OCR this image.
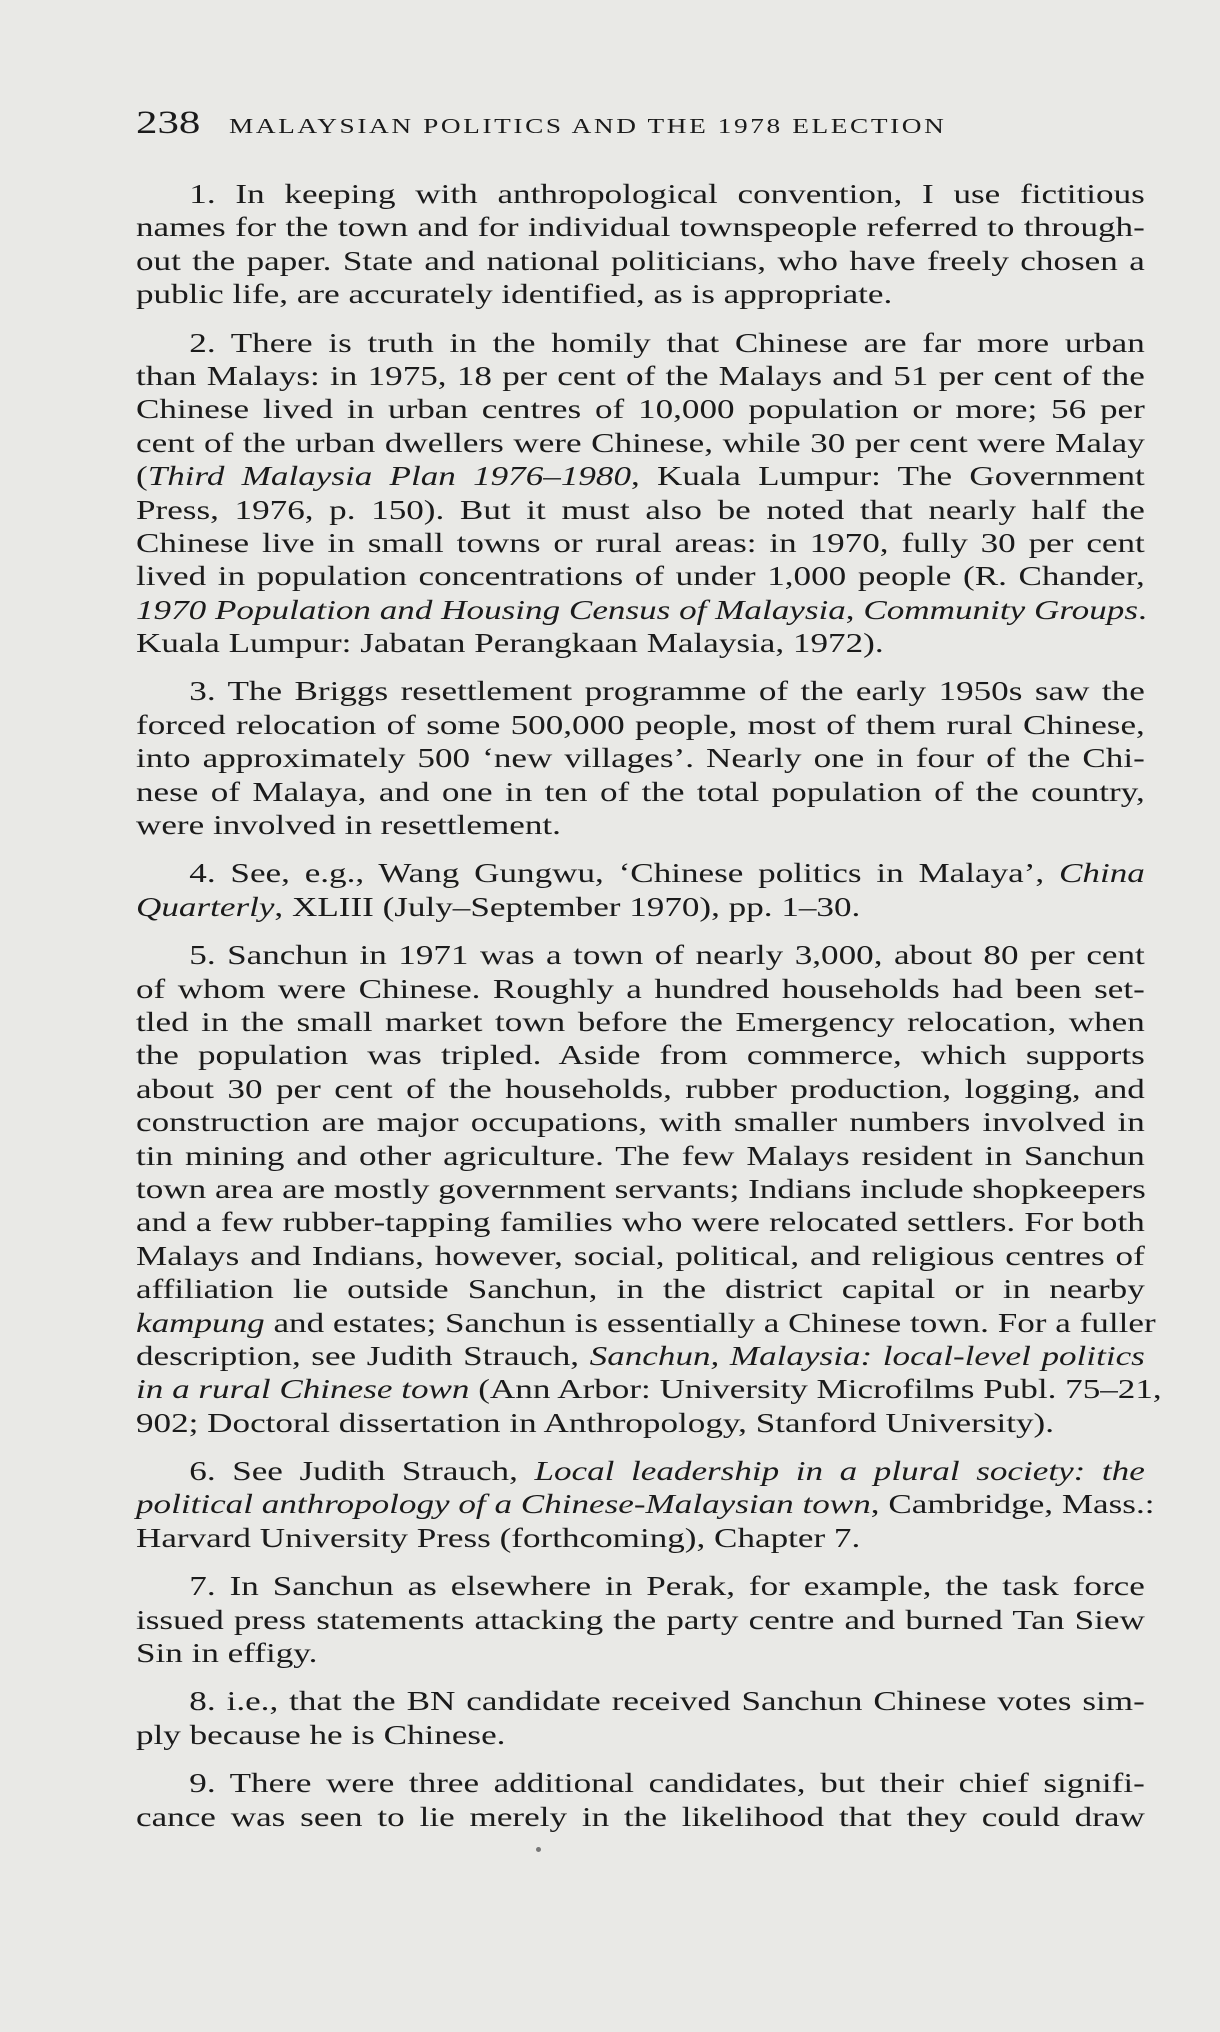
238 MALAYSIAN POLITICS AND THE 1978 ELECTION
1. In keeping with anthropological convention, I use fictitious
names for the town and for individual townspeople referred to through-
out the paper. State and national politicians, who have freely chosen a
public life, are accurately identified, as is appropriate.
2. There is truth in the homily that Chinese are far more urban
than Malays: in 1975, 18 per cent of the Malays and 51 per cent of the
Chinese lived in urban centres of 10,000 population or more; 56 per
cent of the urban dwellers were Chinese, while 30 per cent were Malay
(Third Malaysia Plan 1976–1980, Kuala Lumpur: The Government
Press, 1976, p. 150). But it must also be noted that nearly half the
Chinese live in small towns or rural areas: in 1970, fully 30 per cent
lived in population concentrations of under 1,000 people (R. Chander,
1970 Population and Housing Census of Malaysia, Community Groups.
Kuala Lumpur: Jabatan Perangkaan Malaysia, 1972).
3. The Briggs resettlement programme of the early 1950s saw the
forced relocation of some 500,000 people, most of them rural Chinese,
into approximately 500 ‘new villages’. Nearly one in four of the Chi-
nese of Malaya, and one in ten of the total population of the country,
were involved in resettlement.
4. See, e.g., Wang Gungwu, ‘Chinese politics in Malaya’, China
Quarterly, XLIII (July–September 1970), pp. 1–30.
5. Sanchun in 1971 was a town of nearly 3,000, about 80 per cent
of whom were Chinese. Roughly a hundred households had been set-
tled in the small market town before the Emergency relocation, when
the population was tripled. Aside from commerce, which supports
about 30 per cent of the households, rubber production, logging, and
construction are major occupations, with smaller numbers involved in
tin mining and other agriculture. The few Malays resident in Sanchun
town area are mostly government servants; Indians include shopkeepers
and a few rubber-tapping families who were relocated settlers. For both
Malays and Indians, however, social, political, and religious centres of
affiliation lie outside Sanchun, in the district capital or in nearby
kampung and estates; Sanchun is essentially a Chinese town. For a fuller
description, see Judith Strauch, Sanchun, Malaysia: local-level politics
in a rural Chinese town (Ann Arbor: University Microfilms Publ. 75–21,
902; Doctoral dissertation in Anthropology, Stanford University).
6. See Judith Strauch, Local leadership in a plural society: the
political anthropology of a Chinese-Malaysian town, Cambridge, Mass.:
Harvard University Press (forthcoming), Chapter 7.
7. In Sanchun as elsewhere in Perak, for example, the task force
issued press statements attacking the party centre and burned Tan Siew
Sin in effigy.
8. i.e., that the BN candidate received Sanchun Chinese votes sim-
ply because he is Chinese.
9. There were three additional candidates, but their chief signifi-
cance was seen to lie merely in the likelihood that they could draw
